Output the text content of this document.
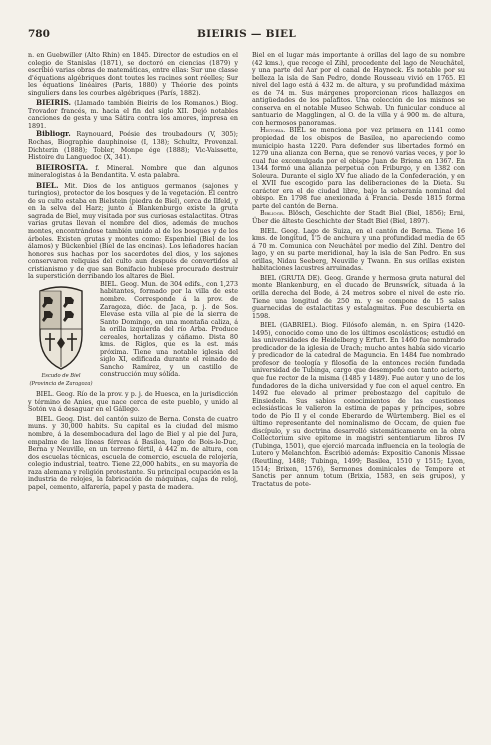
780	BIEIRIS — BIEL

n. en Guebwiller (Alto Rhin) en 1845. Director de estudios en el colegio de Stanislas (1871), se doctoró en ciencias (1879) y escribió varias obras de matemáticas, entre ellas: Sur une classe d'équations algébriques dont toutes les racines sont réelles; Sur les équations linéaires (Paris, 1880) y Théorie des points singuliers dans les courbes algébriques (París, 1882).

BIEIRIS. (Llamado también Bieiris de los Romanos.) Biog. Trovador francés, m. hacia el fin del siglo XII. Dejó notables canciones de gesta y una Sátira contra los amores, impresa en 1891.

Bibliogr. Raynouard, Poésie des troubadours (V, 305); Rochas, Biographie dauphinoise (I, 138); Schultz, Provenzal. Dichterin (1888); Tobler, Monpe ége (1888); Vic-Vaissette, Histoire du Languedoc (X, 341).

BIEIROSITA. f. Mineral. Nombre que dan algunos mineralogistas á la Bendantita. V. esta palabra.

BIEL. Mit. Dios de los antiguos germanos (sajones y turingios), protector de los bosques y de la vegetación. El centro de su culto estaba en Bielstein (piedra de Biel), cerca de Ilfeld, y en la selva del Harz; junto á Blankenburgo existe la gruta sagrada de Biel, muy visitada por sus curiosas estalactitas. Otras varias grutas llevan el nombre del dios, además de muchos montes, encontrándose también unido al de los bosques y de los árboles. Existen grutas y montes como: Espenbiel (Biel de los álamos) y Bückenbiel (Biel de las encinas). Los leñadores hacían honores sus hachas por los sacerdotes del dios, y los sajones conservaron reliquias del culto aun después de convertidos al cristianismo y de que san Bonifacio hubiese procurado destruir la superstición derribando los altares de Biel.

Escudo de Biel
(Provincia de Zaragoza)

BIEL. Geog. Mun. de 304 edifs., con 1,273 habitantes, formado por la villa de este nombre. Corresponde á la prov. de Zaragoza, dióc. de Jaca, p. j. de Sos. Elevase esta villa al pie de la sierra de Santo Domingo, en una montaña caliza, á la orilla izquierda del río Arba. Produce cereales, hortalizas y cáñamo. Dista 80 kms. de Riglos, que es la est. más próxima. Tiene una notable iglesia del siglo XI, edificada durante el reinado de Sancho Ramírez, y un castillo de construcción muy sólida.

BIEL. Geog. Río de la prov. y p. j. de Huesca, en la jurisdicción y término de Anies, que nace cerca de este pueblo, y unido al Sotón va á desaguar en el Gállego.

BIEL. Geog. Dist. del cantón suizo de Berna. Consta de cuatro muns. y 30,000 habits. Su capital es la ciudad del mismo nombre, á la desembocadura del lago de Biel y al pie del Jura, empalme de las líneas férreas á Basilea, lago de Bois-le-Duc, Berna y Neuville, en un terreno fértil, á 442 m. de altura, con dos escuelas técnicas, escuela de comercio, escuela de relojería, colegio industrial, teatro. Tiene 22,000 habits., en su mayoría de raza alemana y religión protestante. Su principal ocupación es la industria de relojes, la fabricación de máquinas, cajas de reloj, papel, cemento, alfarería, papel y pasta de madera.

Biel en el lugar más importante á orillas del lago de su nombre (42 kms.), que recoge el Zihl, procedente del lago de Neuchâtel, y una parte del Aar por el canal de Hayneck. Es notable por su belleza la isla de San Pedro, donde Rousseau vivió en 1765. El nivel del lago está á 432 m. de altura, y su profundidad máxima es de 74 m. Sus márgenes proporcionan ricos hallazgos en antigüedades de los palafitos. Una colección de los mismos se conserva en el notable Museo Schwab. Un funicular conduce al santuario de Magglingen, al O. de la villa y á 900 m. de altura, con hermosos panoramas.

Historia. BIEL se menciona por vez primera en 1141 como propiedad de los obispos de Basilea, no apareciendo como municipio hasta 1220. Para defender sus libertades formó en 1279 una alianza con Berna, que se renovó varias veces, y por lo cual fue excomulgada por el obispo Juan de Briena en 1367. En 1344 formó una alianza perpetua con Friburgo, y en 1382 con Soleura. Durante el siglo XV fue aliado de la Confederación, y en el XVII fue escogido para las deliberaciones de la Dieta. Su carácter era el de ciudad libre, bajo la soberanía nominal del obispo. En 1798 fue anexionada á Francia. Desde 1815 forma parte del cantón de Berna.

Bibliogr. Blösch, Geschichte der Stadt Biel (Biel, 1856); Erni, Über die älteste Geschichte der Stadt Biel (Biel, 1897).

BIEL. Geog. Lago de Suiza, en el cantón de Berna. Tiene 16 kms. de longitud, 1'5 de anchura y una profundidad media de 65 á 70 m. Comunica con Neuchâtel por medio del Zihl. Dentro del lago, y en su parte meridional, hay la isla de San Pedro. En sus orillas, Nidau Seeberg, Neuville y Twann. En sus orillas existen habitaciones lacustres arruinadas.

BIEL (GRUTA DE). Geog. Grande y hermosa gruta natural del monte Blankenburg, en el ducado de Brunswick, situada á la orilla derecha del Bode, á 24 metros sobre el nivel de este río. Tiene una longitud de 250 m. y se compone de 15 salas guarnecidas de estalactitas y estalagmitas. Fue descubierta en 1598.

BIEL (GABRIEL). Biog. Filósofo alemán, n. en Spira (1420-1495), conocido como uno de los últimos escolásticos; estudió en las universidades de Heidelberg y Erfurt. En 1460 fue nombrado predicador de la iglesia de Urach; mucho antes había sido vicario y predicador de la catedral de Maguncia. En 1484 fue nombrado profesor de teología y filosofía de la entonces recién fundada universidad de Tubinga, cargo que desempeñó con tanto acierto, que fue rector de la misma (1485 y 1489). Fue autor y uno de los fundadores de la dicha universidad y fue con el aquel centro. En 1492 fue elevado al primer prebostazgo del capítulo de Einsiedeln. Sus sabios conocimientos de las cuestiones eclesiásticas le valieron la estima de papas y príncipes, sobre todo de Pío II y el conde Eberardo de Würtemberg. Biel es el último representante del nominalismo de Occam, de quien fue discípulo, y su doctrina desarrolló sistemáticamente en la obra Collectorium sive epitome in magistri sententiarum libros IV (Tubinga, 1501), que ejerció marcada influencia en la teología de Lutero y Melanchton. Escribió además: Expositio Canonis Missae (Reutling, 1488; Tubinga, 1499; Basilea, 1510 y 1515; Lyon, 1514; Brixen, 1576), Sermones dominicales de Tempore et Sanctis per annum totum (Brixia, 1583, en seis grupos), y Tractatus de pote-
